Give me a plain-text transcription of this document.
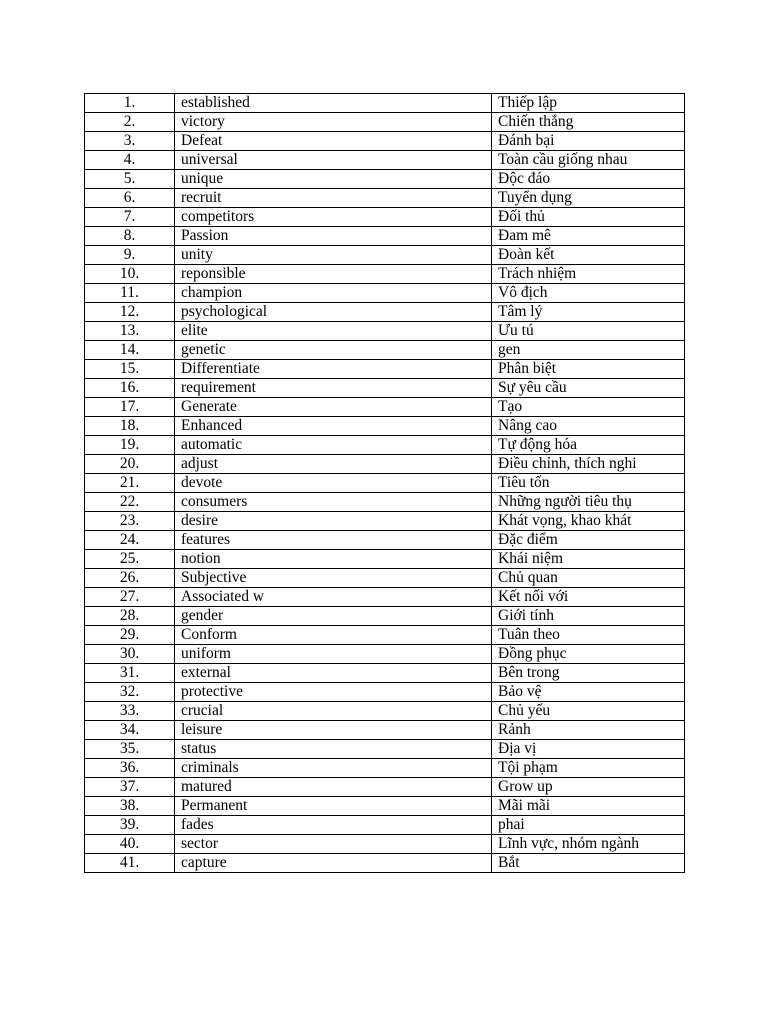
1.	established	Thiếp lập
2.	victory	Chiến thắng
3.	Defeat	Đánh bại
4.	universal	Toàn cầu giống nhau
5.	unique	Độc đáo
6.	recruit	Tuyển dụng
7.	competitors	Đối thủ
8.	Passion	Đam mê
9.	unity	Đoàn kết
10.	reponsible	Trách nhiệm
11.	champion	Vô địch
12.	psychological	Tâm lý
13.	elite	Ưu tú
14.	genetic	gen
15.	Differentiate	Phân biệt
16.	requirement	Sự yêu cầu
17.	Generate	Tạo
18.	Enhanced	Nâng cao
19.	automatic	Tự động hóa
20.	adjust	Điều chỉnh, thích nghi
21.	devote	Tiêu tốn
22.	consumers	Những người tiêu thụ
23.	desire	Khát vọng, khao khát
24.	features	Đặc điểm
25.	notion	Khái niệm
26.	Subjective	Chủ quan
27.	Associated w	Kết nối với
28.	gender	Giới tính
29.	Conform	Tuân theo
30.	uniform	Đồng phục
31.	external	Bên trong
32.	protective	Bảo vệ
33.	crucial	Chủ yếu
34.	leisure	Rảnh
35.	status	Địa vị
36.	criminals	Tội phạm
37.	matured	Grow up
38.	Permanent	Mãi mãi
39.	fades	phai
40.	sector	Lĩnh vực, nhóm ngành
41.	capture	Bắt
